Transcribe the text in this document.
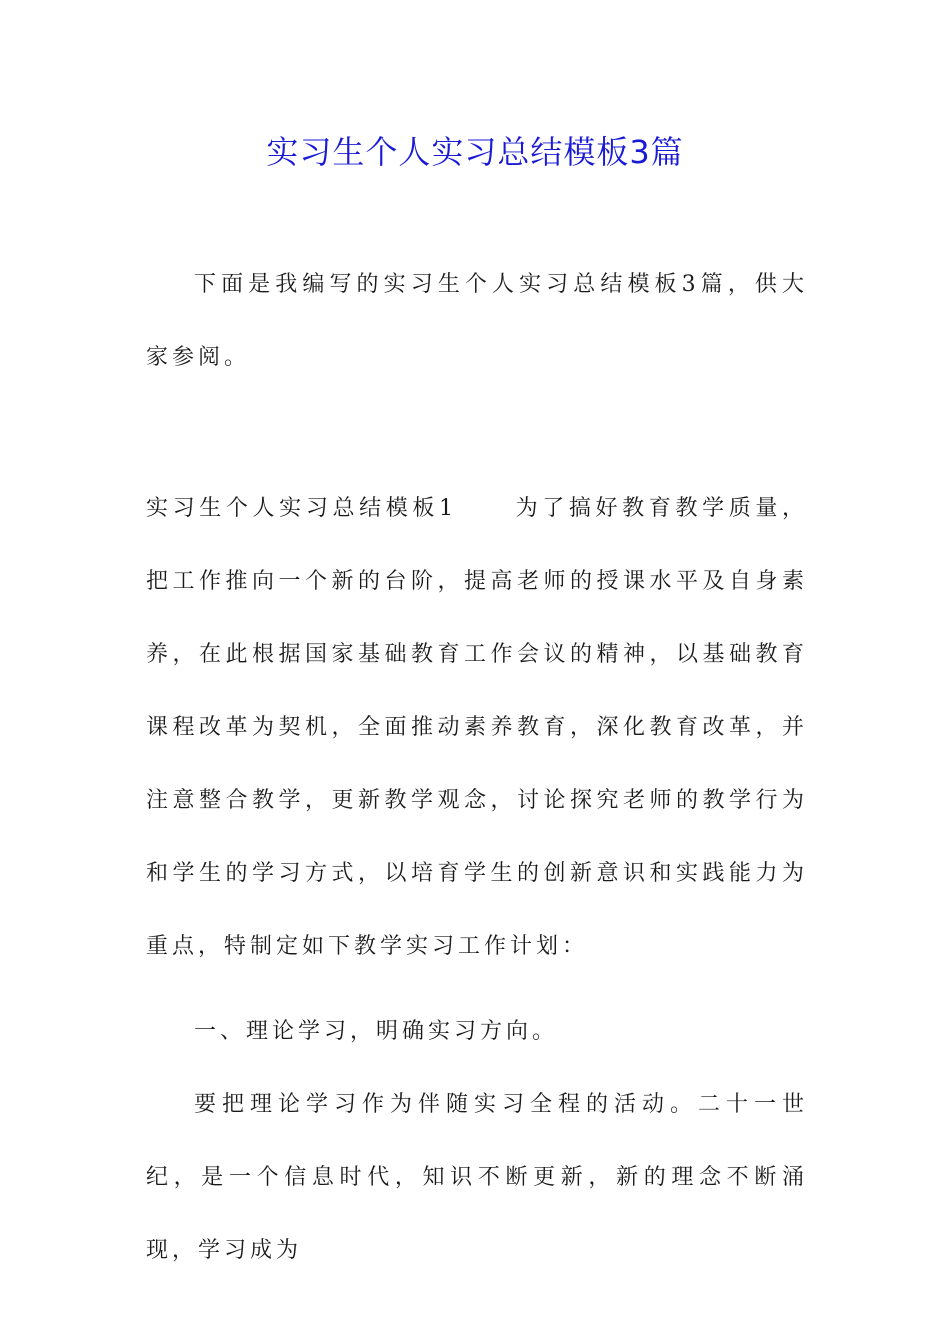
实习生个人实习总结模板3篇

下面是我编写的实习生个人实习总结模板3篇，供大家参阅。

实习生个人实习总结模板1	为了搞好教育教学质量，把工作推向一个新的台阶，提高老师的授课水平及自身素养，在此根据国家基础教育工作会议的精神，以基础教育课程改革为契机，全面推动素养教育，深化教育改革，并注意整合教学，更新教学观念，讨论探究老师的教学行为和学生的学习方式，以培育学生的创新意识和实践能力为重点，特制定如下教学实习工作计划：

一、理论学习，明确实习方向。

要把理论学习作为伴随实习全程的活动。二十一世纪，是一个信息时代，知识不断更新，新的理念不断涌现，学习成为
